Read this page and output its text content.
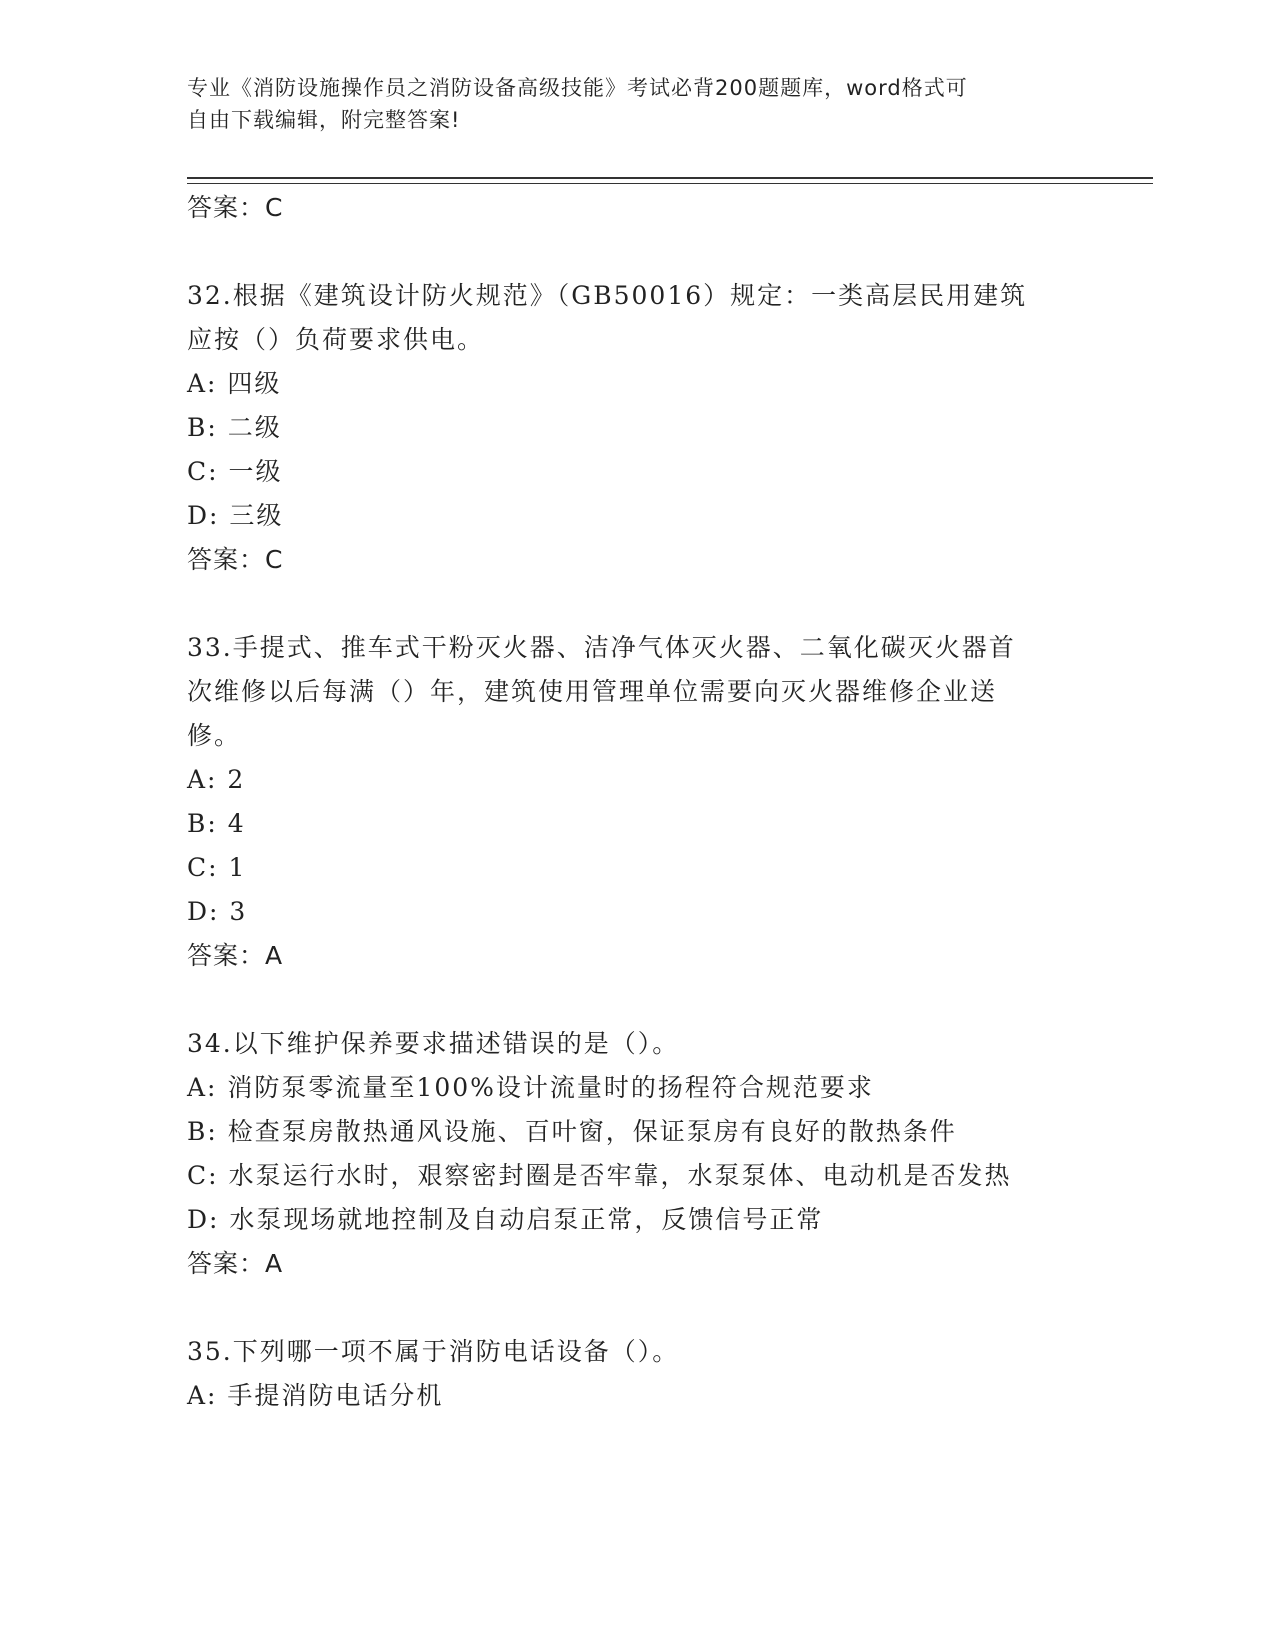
专业《消防设施操作员之消防设备高级技能》考试必背200题题库，word格式可
自由下载编辑，附完整答案!
答案：C
32.根据《建筑设计防火规范》（GB50016）规定：一类高层民用建筑
应按（）负荷要求供电。
A: 四级
B: 二级
C: 一级
D: 三级
答案：C
33.手提式、推车式干粉灭火器、洁净气体灭火器、二氧化碳灭火器首
次维修以后每满（）年，建筑使用管理单位需要向灭火器维修企业送
修。
A: 2
B: 4
C: 1
D: 3
答案：A
34.以下维护保养要求描述错误的是（）。
A: 消防泵零流量至100%设计流量时的扬程符合规范要求
B: 检查泵房散热通风设施、百叶窗，保证泵房有良好的散热条件
C: 水泵运行水时，艰察密封圈是否牢靠，水泵泵体、电动机是否发热
D: 水泵现场就地控制及自动启泵正常，反馈信号正常
答案：A
35.下列哪一项不属于消防电话设备（）。
A: 手提消防电话分机
